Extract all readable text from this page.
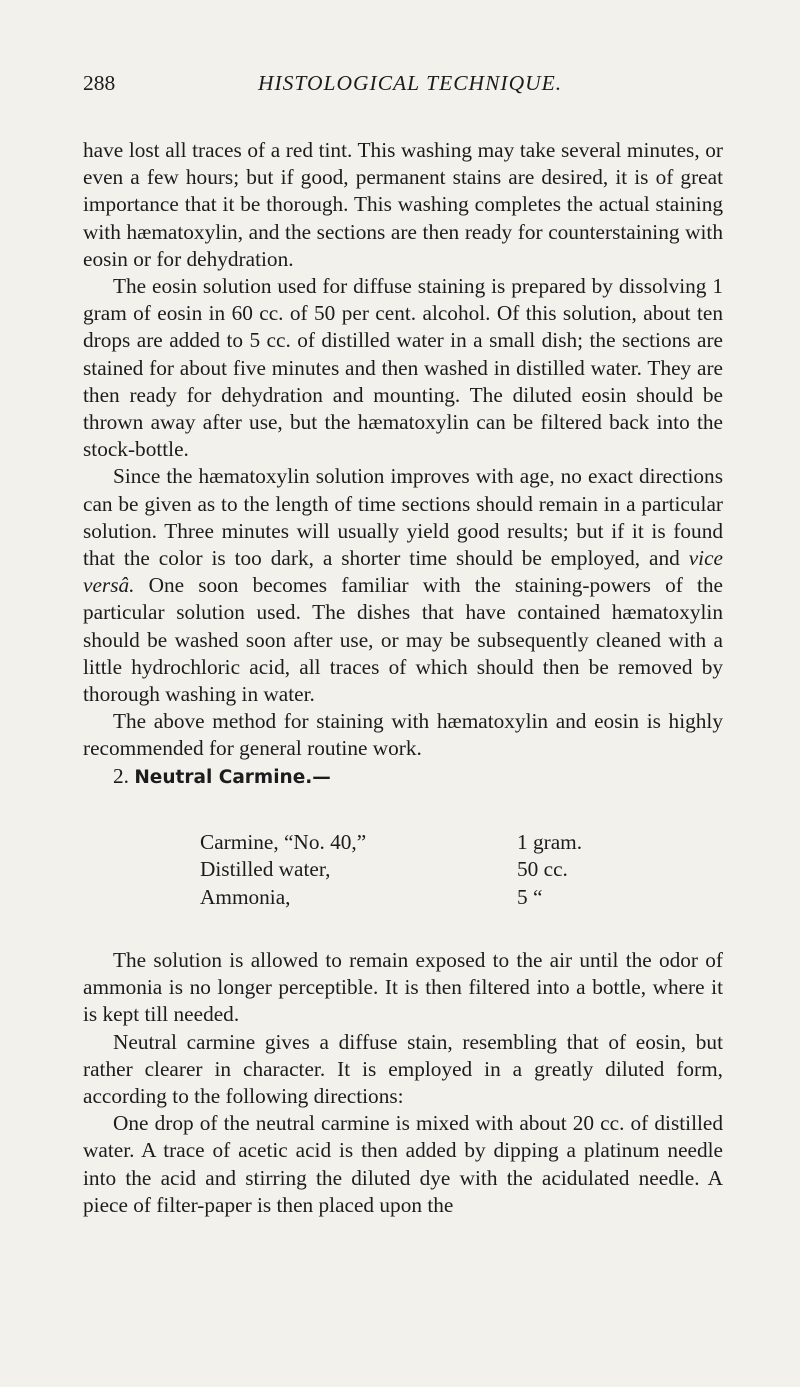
288	HISTOLOGICAL TECHNIQUE.

have lost all traces of a red tint. This washing may take several minutes, or even a few hours; but if good, permanent stains are desired, it is of great importance that it be thorough. This washing completes the actual staining with hæmatoxylin, and the sections are then ready for counterstaining with eosin or for dehydration.

The eosin solution used for diffuse staining is prepared by dissolving 1 gram of eosin in 60 cc. of 50 per cent. alcohol. Of this solution, about ten drops are added to 5 cc. of distilled water in a small dish; the sections are stained for about five minutes and then washed in distilled water. They are then ready for dehydration and mounting. The diluted eosin should be thrown away after use, but the hæmatoxylin can be filtered back into the stock-bottle.

Since the hæmatoxylin solution improves with age, no exact directions can be given as to the length of time sections should remain in a particular solution. Three minutes will usually yield good results; but if it is found that the color is too dark, a shorter time should be employed, and vice versâ. One soon becomes familiar with the staining-powers of the particular solution used. The dishes that have contained hæmatoxylin should be washed soon after use, or may be subsequently cleaned with a little hydrochloric acid, all traces of which should then be removed by thorough washing in water.

The above method for staining with hæmatoxylin and eosin is highly recommended for general routine work.

2. Neutral Carmine.—

Carmine, “No. 40,”	1 gram.
Distilled water,	50 cc.
Ammonia,	5 “

The solution is allowed to remain exposed to the air until the odor of ammonia is no longer perceptible. It is then filtered into a bottle, where it is kept till needed.

Neutral carmine gives a diffuse stain, resembling that of eosin, but rather clearer in character. It is employed in a greatly diluted form, according to the following directions:

One drop of the neutral carmine is mixed with about 20 cc. of distilled water. A trace of acetic acid is then added by dipping a platinum needle into the acid and stirring the diluted dye with the acidulated needle. A piece of filter-paper is then placed upon the
